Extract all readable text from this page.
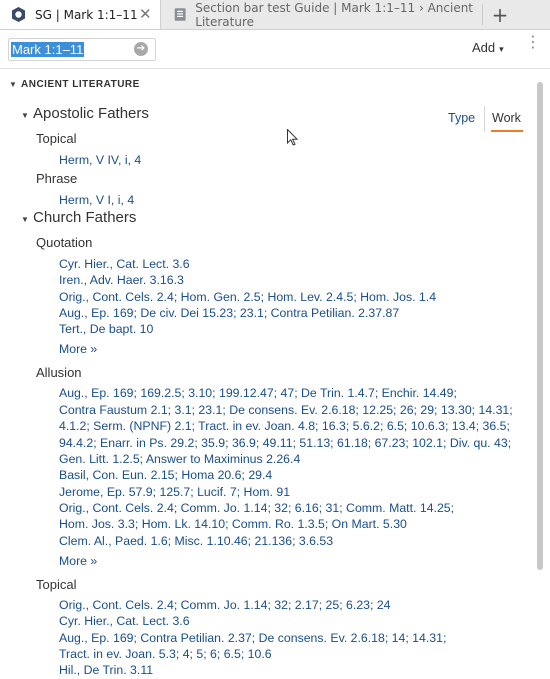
SG | Mark 1:1–11 ✕	Section bar test Guide | Mark 1:1–11 › Ancient Literature	+
Mark 1:1–11	➔	Add ▾ ⋮
▼ ANCIENT LITERATURE
Type Work
▼ Apostolic Fathers
Topical
Herm, V IV, i, 4
Phrase
Herm, V I, i, 4
▼ Church Fathers
Quotation
Cyr. Hier., Cat. Lect. 3.6
Iren., Adv. Haer. 3.16.3
Orig., Cont. Cels. 2.4; Hom. Gen. 2.5; Hom. Lev. 2.4.5; Hom. Jos. 1.4
Aug., Ep. 169; De civ. Dei 15.23; 23.1; Contra Petilian. 2.37.87
Tert., De bapt. 10
More »
Allusion
Aug., Ep. 169; 169.2.5; 3.10; 199.12.47; 47; De Trin. 1.4.7; Enchir. 14.49;
Contra Faustum 2.1; 3.1; 23.1; De consens. Ev. 2.6.18; 12.25; 26; 29; 13.30; 14.31;
4.1.2; Serm. (NPNF) 2.1; Tract. in ev. Joan. 4.8; 16.3; 5.6.2; 6.5; 10.6.3; 13.4; 36.5;
94.4.2; Enarr. in Ps. 29.2; 35.9; 36.9; 49.11; 51.13; 61.18; 67.23; 102.1; Div. qu. 43;
Gen. Litt. 1.2.5; Answer to Maximinus 2.26.4
Basil, Con. Eun. 2.15; Homa 20.6; 29.4
Jerome, Ep. 57.9; 125.7; Lucif. 7; Hom. 91
Orig., Cont. Cels. 2.4; Comm. Jo. 1.14; 32; 6.16; 31; Comm. Matt. 14.25;
Hom. Jos. 3.3; Hom. Lk. 14.10; Comm. Ro. 1.3.5; On Mart. 5.30
Clem. Al., Paed. 1.6; Misc. 1.10.46; 21.136; 3.6.53
More »
Topical
Orig., Cont. Cels. 2.4; Comm. Jo. 1.14; 32; 2.17; 25; 6.23; 24
Cyr. Hier., Cat. Lect. 3.6
Aug., Ep. 169; Contra Petilian. 2.37; De consens. Ev. 2.6.18; 14; 14.31;
Tract. in ev. Joan. 5.3; 4; 5; 6; 6.5; 10.6
Hil., De Trin. 3.11
